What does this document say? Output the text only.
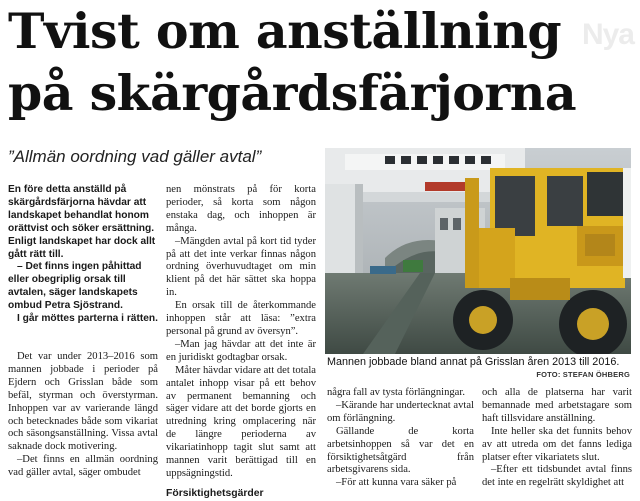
Tvist om anställning
på skärgårdsfärjorna
Nya
”Allmän oordning vad gäller avtal”

En före detta anställd på skärgårdsfärjorna hävdar att landskapet behandlat honom orättvist och söker ersättning. Enligt landskapet har dock allt gått rätt till.

– Det finns ingen påhittad eller obegriplig orsak till avtalen, säger landskapets ombud Petra Sjöstrand.

I går möttes parterna i rätten.

Det var under 2013–2016 som mannen jobbade i perioder på Ejdern och Grisslan både som befäl, styrman och överstyrman. Inhoppen var av varierande längd och betecknades både som vikariat och säsongsanställning. Vissa avtal saknade dock motivering.

–Det finns en allmän oordning vad gäller avtal, säger ombudet

nen mönstrats på för korta perioder, så korta som någon enstaka dag, och inhoppen är många.

–Mängden avtal på kort tid tyder på att det inte verkar finnas någon ordning överhuvudtaget om min klient på det här sättet ska hoppa in.

En orsak till de återkommande inhoppen står att läsa: ”extra personal på grund av översyn”.

–Man jag hävdar att det inte är en juridiskt godtagbar orsak.

Måter hävdar vidare att det totala antalet inhopp visar på ett behov av permanent bemanning och säger vidare att det borde gjorts en utredning kring omplacering när de längre perioderna av vikariatinhopp tagit slut samt att mannen varit berättigad till en uppsägningstid.

Försiktighetsgärder

Mannen jobbade bland annat på Grisslan åren 2013 till 2016.
FOTO: STEFAN ÖHBERG

några fall av tysta förlängningar.

–Kärande har undertecknat avtal om förlängning.

Gällande de korta arbetsinhoppen så var det en försiktighetsåtgärd från arbetsgivarens sida.

–För att kunna vara säker på

och alla de platserna har varit bemannade med arbetstagare som haft tillsvidare anställning.

Inte heller ska det funnits behov av att utreda om det fanns lediga platser efter vikariatets slut.

–Efter ett tidsbundet avtal finns det inte en regelrätt skyldighet att
